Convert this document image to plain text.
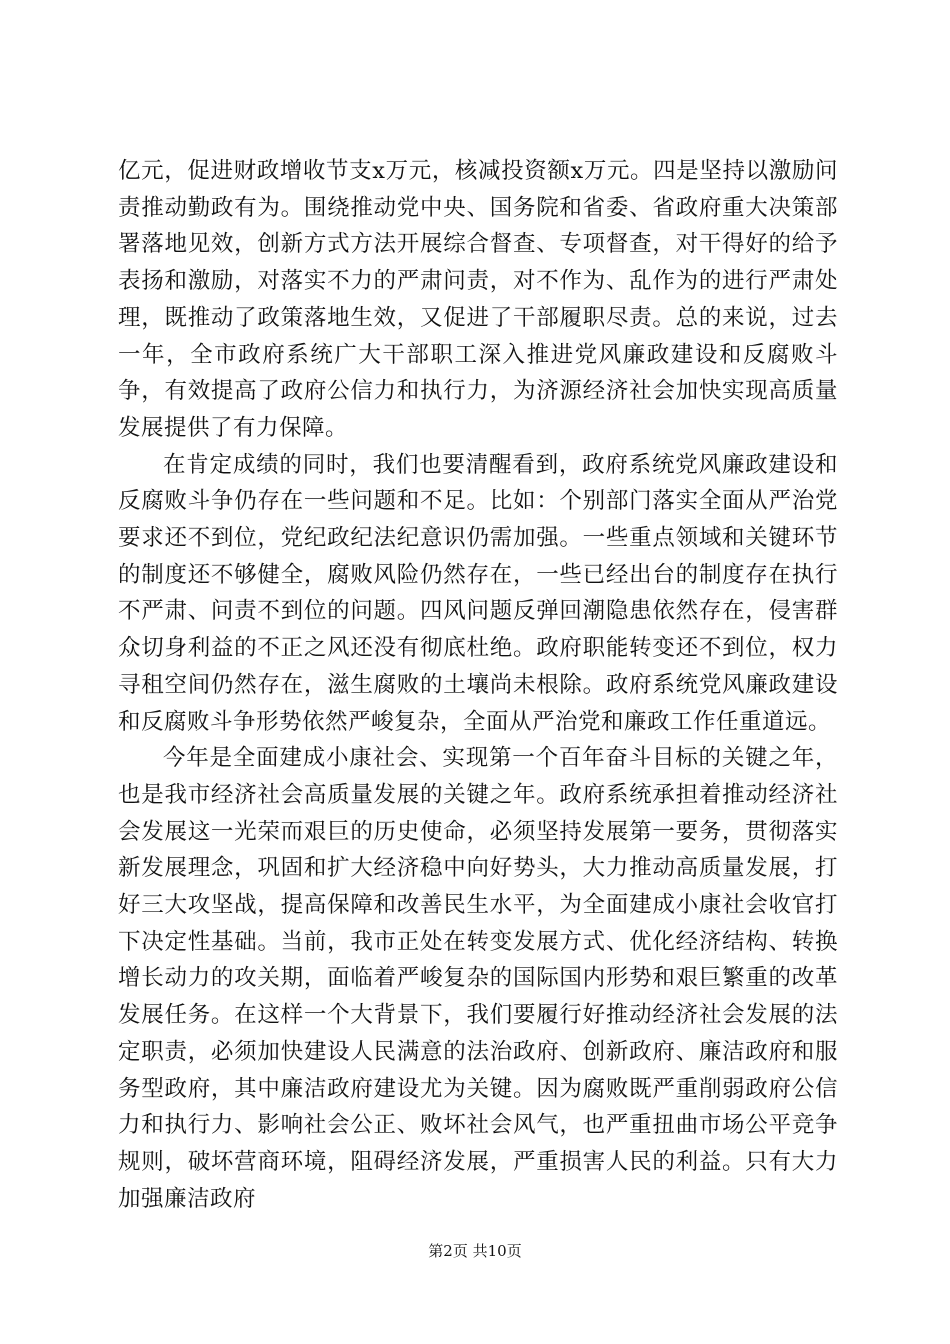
亿元，促进财政增收节支x万元，核减投资额x万元。四是坚持以激励问责推动勤政有为。围绕推动党中央、国务院和省委、省政府重大决策部署落地见效，创新方式方法开展综合督查、专项督查，对干得好的给予表扬和激励，对落实不力的严肃问责，对不作为、乱作为的进行严肃处理，既推动了政策落地生效，又促进了干部履职尽责。总的来说，过去一年，全市政府系统广大干部职工深入推进党风廉政建设和反腐败斗争，有效提高了政府公信力和执行力，为济源经济社会加快实现高质量发展提供了有力保障。

在肯定成绩的同时，我们也要清醒看到，政府系统党风廉政建设和反腐败斗争仍存在一些问题和不足。比如：个别部门落实全面从严治党要求还不到位，党纪政纪法纪意识仍需加强。一些重点领域和关键环节的制度还不够健全，腐败风险仍然存在，一些已经出台的制度存在执行不严肃、问责不到位的问题。四风问题反弹回潮隐患依然存在，侵害群众切身利益的不正之风还没有彻底杜绝。政府职能转变还不到位，权力寻租空间仍然存在，滋生腐败的土壤尚未根除。政府系统党风廉政建设和反腐败斗争形势依然严峻复杂，全面从严治党和廉政工作任重道远。

今年是全面建成小康社会、实现第一个百年奋斗目标的关键之年，也是我市经济社会高质量发展的关键之年。政府系统承担着推动经济社会发展这一光荣而艰巨的历史使命，必须坚持发展第一要务，贯彻落实新发展理念，巩固和扩大经济稳中向好势头，大力推动高质量发展，打好三大攻坚战，提高保障和改善民生水平，为全面建成小康社会收官打下决定性基础。当前，我市正处在转变发展方式、优化经济结构、转换增长动力的攻关期，面临着严峻复杂的国际国内形势和艰巨繁重的改革发展任务。在这样一个大背景下，我们要履行好推动经济社会发展的法定职责，必须加快建设人民满意的法治政府、创新政府、廉洁政府和服务型政府，其中廉洁政府建设尤为关键。因为腐败既严重削弱政府公信力和执行力、影响社会公正、败坏社会风气，也严重扭曲市场公平竞争规则，破坏营商环境，阻碍经济发展，严重损害人民的利益。只有大力加强廉洁政府

第2页 共10页
